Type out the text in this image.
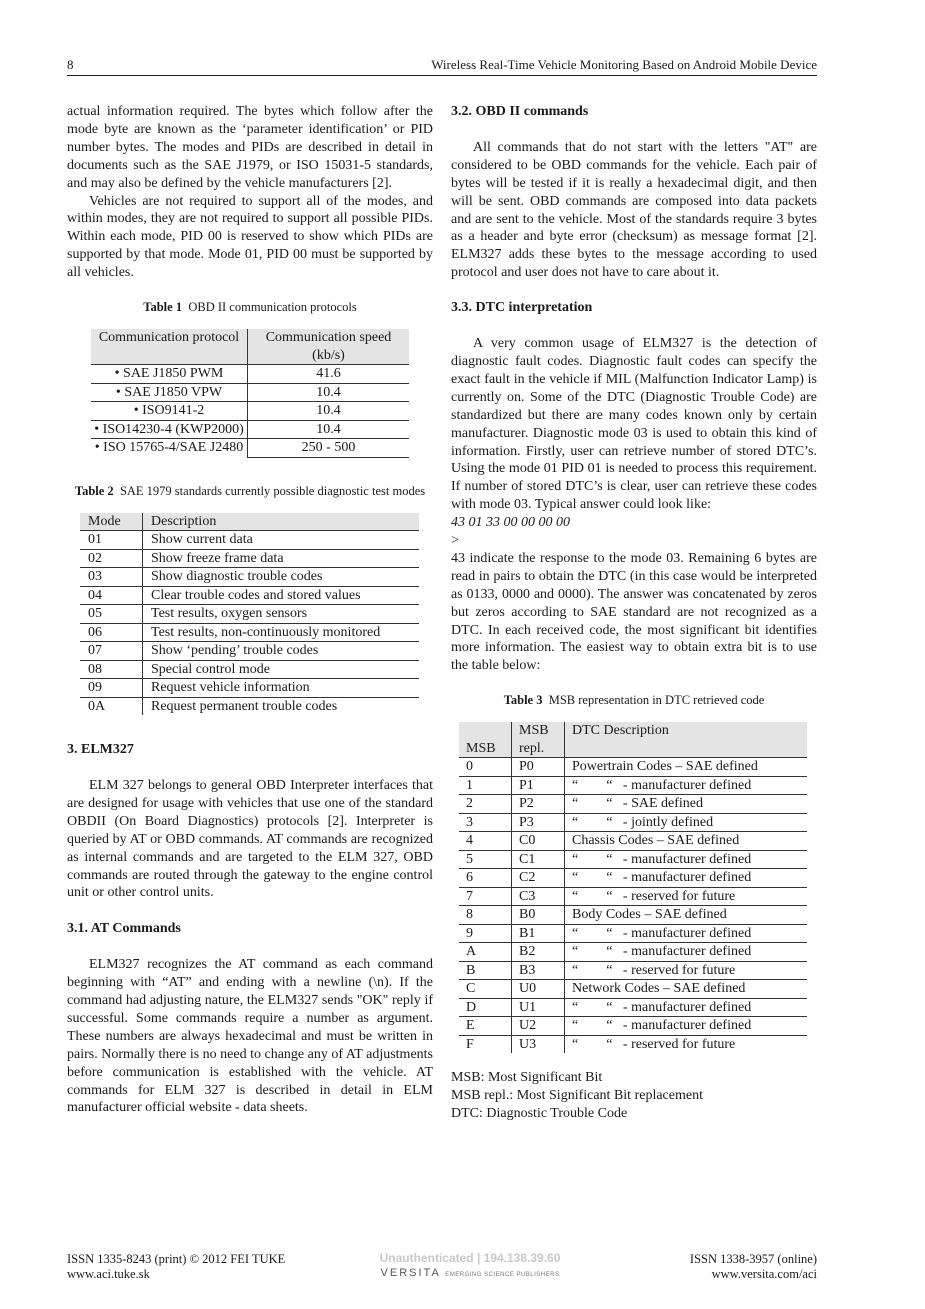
8	Wireless Real-Time Vehicle Monitoring Based on Android Mobile Device

actual information required. The bytes which follow after the mode byte are known as the ‘parameter identification’ or PID number bytes. The modes and PIDs are described in detail in documents such as the SAE J1979, or ISO 15031-5 standards, and may also be defined by the vehicle manufacturers [2].

Vehicles are not required to support all of the modes, and within modes, they are not required to support all possible PIDs. Within each mode, PID 00 is reserved to show which PIDs are supported by that mode. Mode 01, PID 00 must be supported by all vehicles.

Table 1 OBD II communication protocols
Communication protocol	Communication speed (kb/s)
• SAE J1850 PWM	41.6
• SAE J1850 VPW	10.4
• ISO9141-2	10.4
• ISO14230-4 (KWP2000)	10.4
• ISO 15765-4/SAE J2480	250 - 500
Table 2 SAE 1979 standards currently possible diagnostic test modes
Mode	Description
01	Show current data
02	Show freeze frame data
03	Show diagnostic trouble codes
04	Clear trouble codes and stored values
05	Test results, oxygen sensors
06	Test results, non-continuously monitored
07	Show ‘pending’ trouble codes
08	Special control mode
09	Request vehicle information
0A	Request permanent trouble codes
3. ELM327

ELM 327 belongs to general OBD Interpreter interfaces that are designed for usage with vehicles that use one of the standard OBDII (On Board Diagnostics) protocols [2]. Interpreter is queried by AT or OBD commands. AT commands are recognized as internal commands and are targeted to the ELM 327, OBD commands are routed through the gateway to the engine control unit or other control units.

3.1. AT Commands

ELM327 recognizes the AT command as each command beginning with “AT” and ending with a newline (\n). If the command had adjusting nature, the ELM327 sends "OK" reply if successful. Some commands require a number as argument. These numbers are always hexadecimal and must be written in pairs. Normally there is no need to change any of AT adjustments before communication is established with the vehicle. AT commands for ELM 327 is described in detail in ELM manufacturer official website - data sheets.

3.2. OBD II commands

All commands that do not start with the letters "AT" are considered to be OBD commands for the vehicle. Each pair of bytes will be tested if it is really a hexadecimal digit, and then will be sent. OBD commands are composed into data packets and are sent to the vehicle. Most of the standards require 3 bytes as a header and byte error (checksum) as message format [2]. ELM327 adds these bytes to the message according to used protocol and user does not have to care about it.

3.3. DTC interpretation

A very common usage of ELM327 is the detection of diagnostic fault codes. Diagnostic fault codes can specify the exact fault in the vehicle if MIL (Malfunction Indicator Lamp) is currently on. Some of the DTC (Diagnostic Trouble Code) are standardized but there are many codes known only by certain manufacturer. Diagnostic mode 03 is used to obtain this kind of information. Firstly, user can retrieve number of stored DTC’s. Using the mode 01 PID 01 is needed to process this requirement. If number of stored DTC’s is clear, user can retrieve these codes with mode 03. Typical answer could look like:

43 01 33 00 00 00 00
>

43 indicate the response to the mode 03. Remaining 6 bytes are read in pairs to obtain the DTC (in this case would be interpreted as 0133, 0000 and 0000). The answer was concatenated by zeros but zeros according to SAE standard are not recognized as a DTC. In each received code, the most significant bit identifies more information. The easiest way to obtain extra bit is to use the table below:

Table 3 MSB representation in DTC retrieved code
MSB	MSB repl.	DTC Description
0	P0	Powertrain Codes – SAE defined
1	P1	“        “   - manufacturer defined
2	P2	“        “   - SAE defined
3	P3	“        “   - jointly defined
4	C0	Chassis Codes – SAE defined
5	C1	“        “   - manufacturer defined
6	C2	“        “   - manufacturer defined
7	C3	“        “   - reserved for future
8	B0	Body Codes – SAE defined
9	B1	“        “   - manufacturer defined
A	B2	“        “   - manufacturer defined
B	B3	“        “   - reserved for future
C	U0	Network Codes – SAE defined
D	U1	“        “   - manufacturer defined
E	U2	“        “   - manufacturer defined
F	U3	“        “   - reserved for future
MSB: Most Significant Bit
MSB repl.: Most Significant Bit replacement
DTC: Diagnostic Trouble Code
ISSN 1335-8243 (print) © 2012 FEI TUKE
www.aci.tuke.sk
Unauthenticated | 194.138.39.60
VERSITA EMERGING SCIENCE PUBLISHERS
ISSN 1338-3957 (online)
www.versita.com/aci
